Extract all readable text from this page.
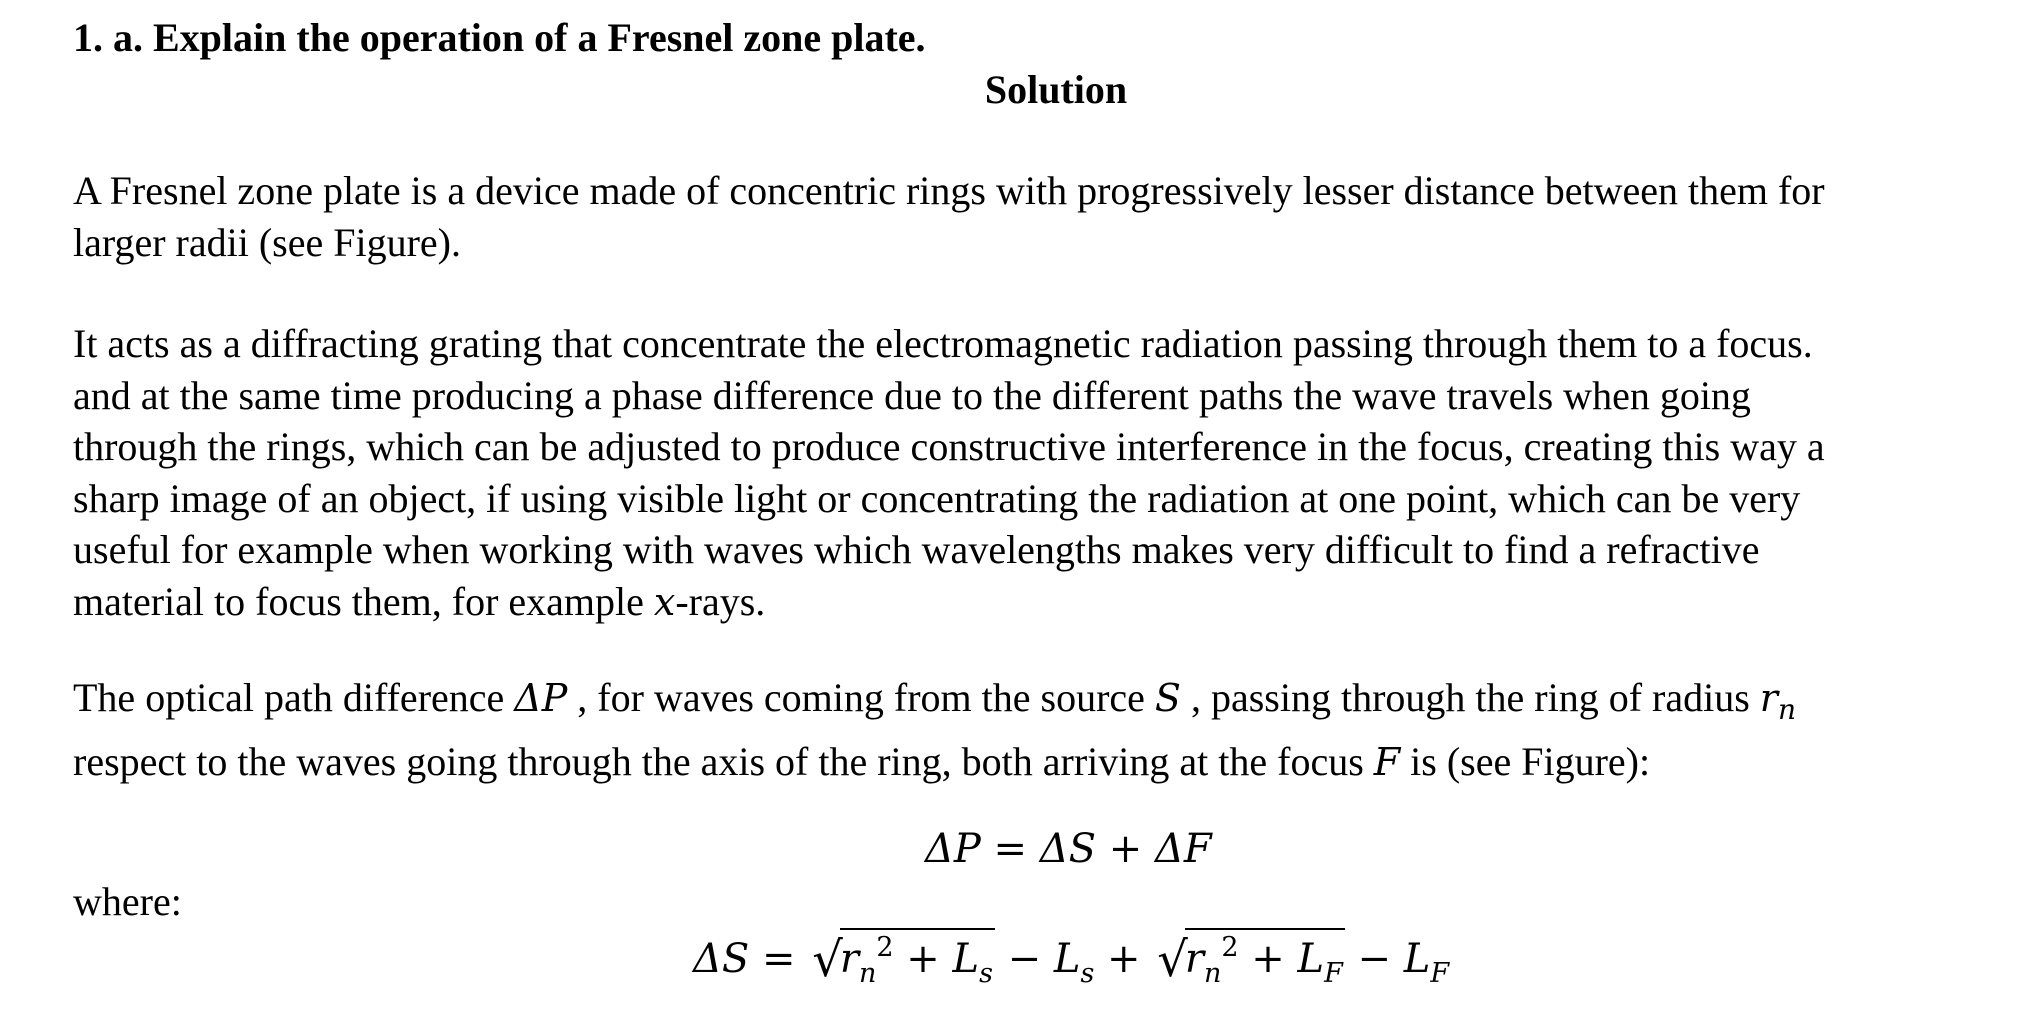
1. a. Explain the operation of a Fresnel zone plate.
Solution
A Fresnel zone plate is a device made of concentric rings with progressively lesser distance between them for
larger radii (see Figure).
It acts as a diffracting grating that concentrate the electromagnetic radiation passing through them to a focus.
and at the same time producing a phase difference due to the different paths the wave travels when going
through the rings, which can be adjusted to produce constructive interference in the focus, creating this way a
sharp image of an object, if using visible light or concentrating the radiation at one point, which can be very
useful for example when working with waves which wavelengths makes very difficult to find a refractive
material to focus them, for example x-rays.
The optical path difference ΔP , for waves coming from the source S , passing through the ring of radius $r_n$
respect to the waves going through the axis of the ring, both arriving at the focus F is (see Figure):
ΔP = ΔS + ΔF
where:
$\Delta S = √r_n^2 + L_s - L_s + √r_n^2 + L_F - L_F$
